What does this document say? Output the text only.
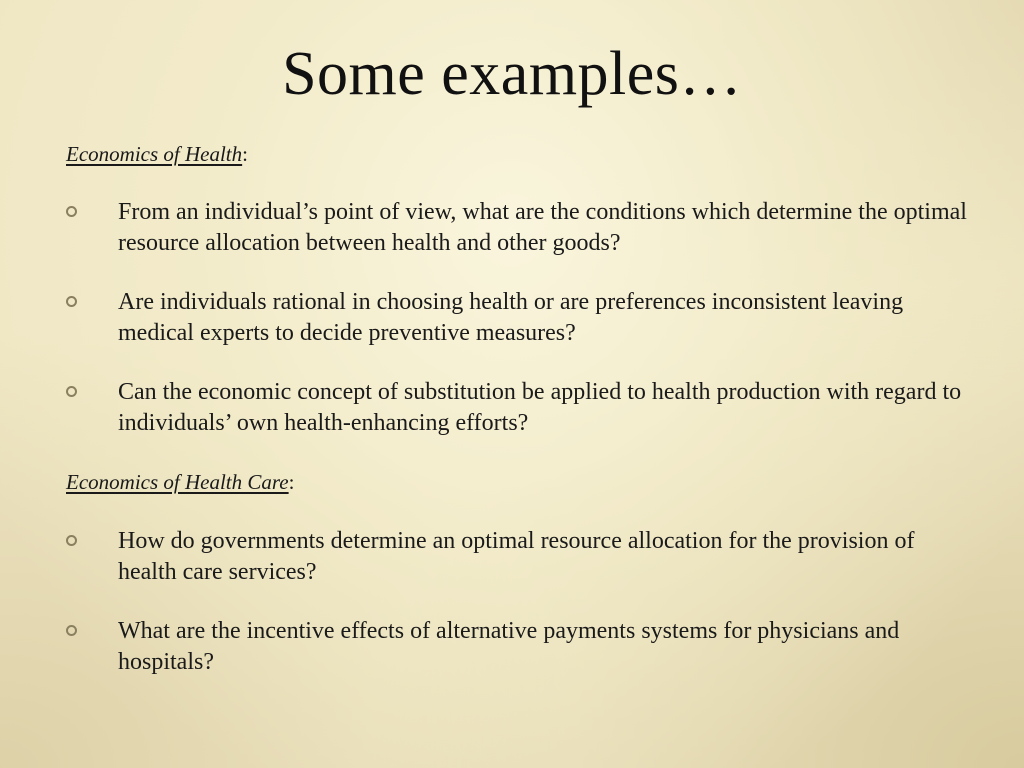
Some examples…
Economics of Health:
From an individual’s point of view, what are the conditions which determine the optimal resource allocation between health and other goods?
Are individuals rational in choosing health or are preferences inconsistent leaving medical experts to decide preventive measures?
Can the economic concept of substitution be applied to health production with regard to individuals’ own health-enhancing efforts?
Economics of Health Care:
How do governments determine an optimal resource allocation for the provision of health care services?
What are the incentive effects of alternative payments systems for physicians and hospitals?
